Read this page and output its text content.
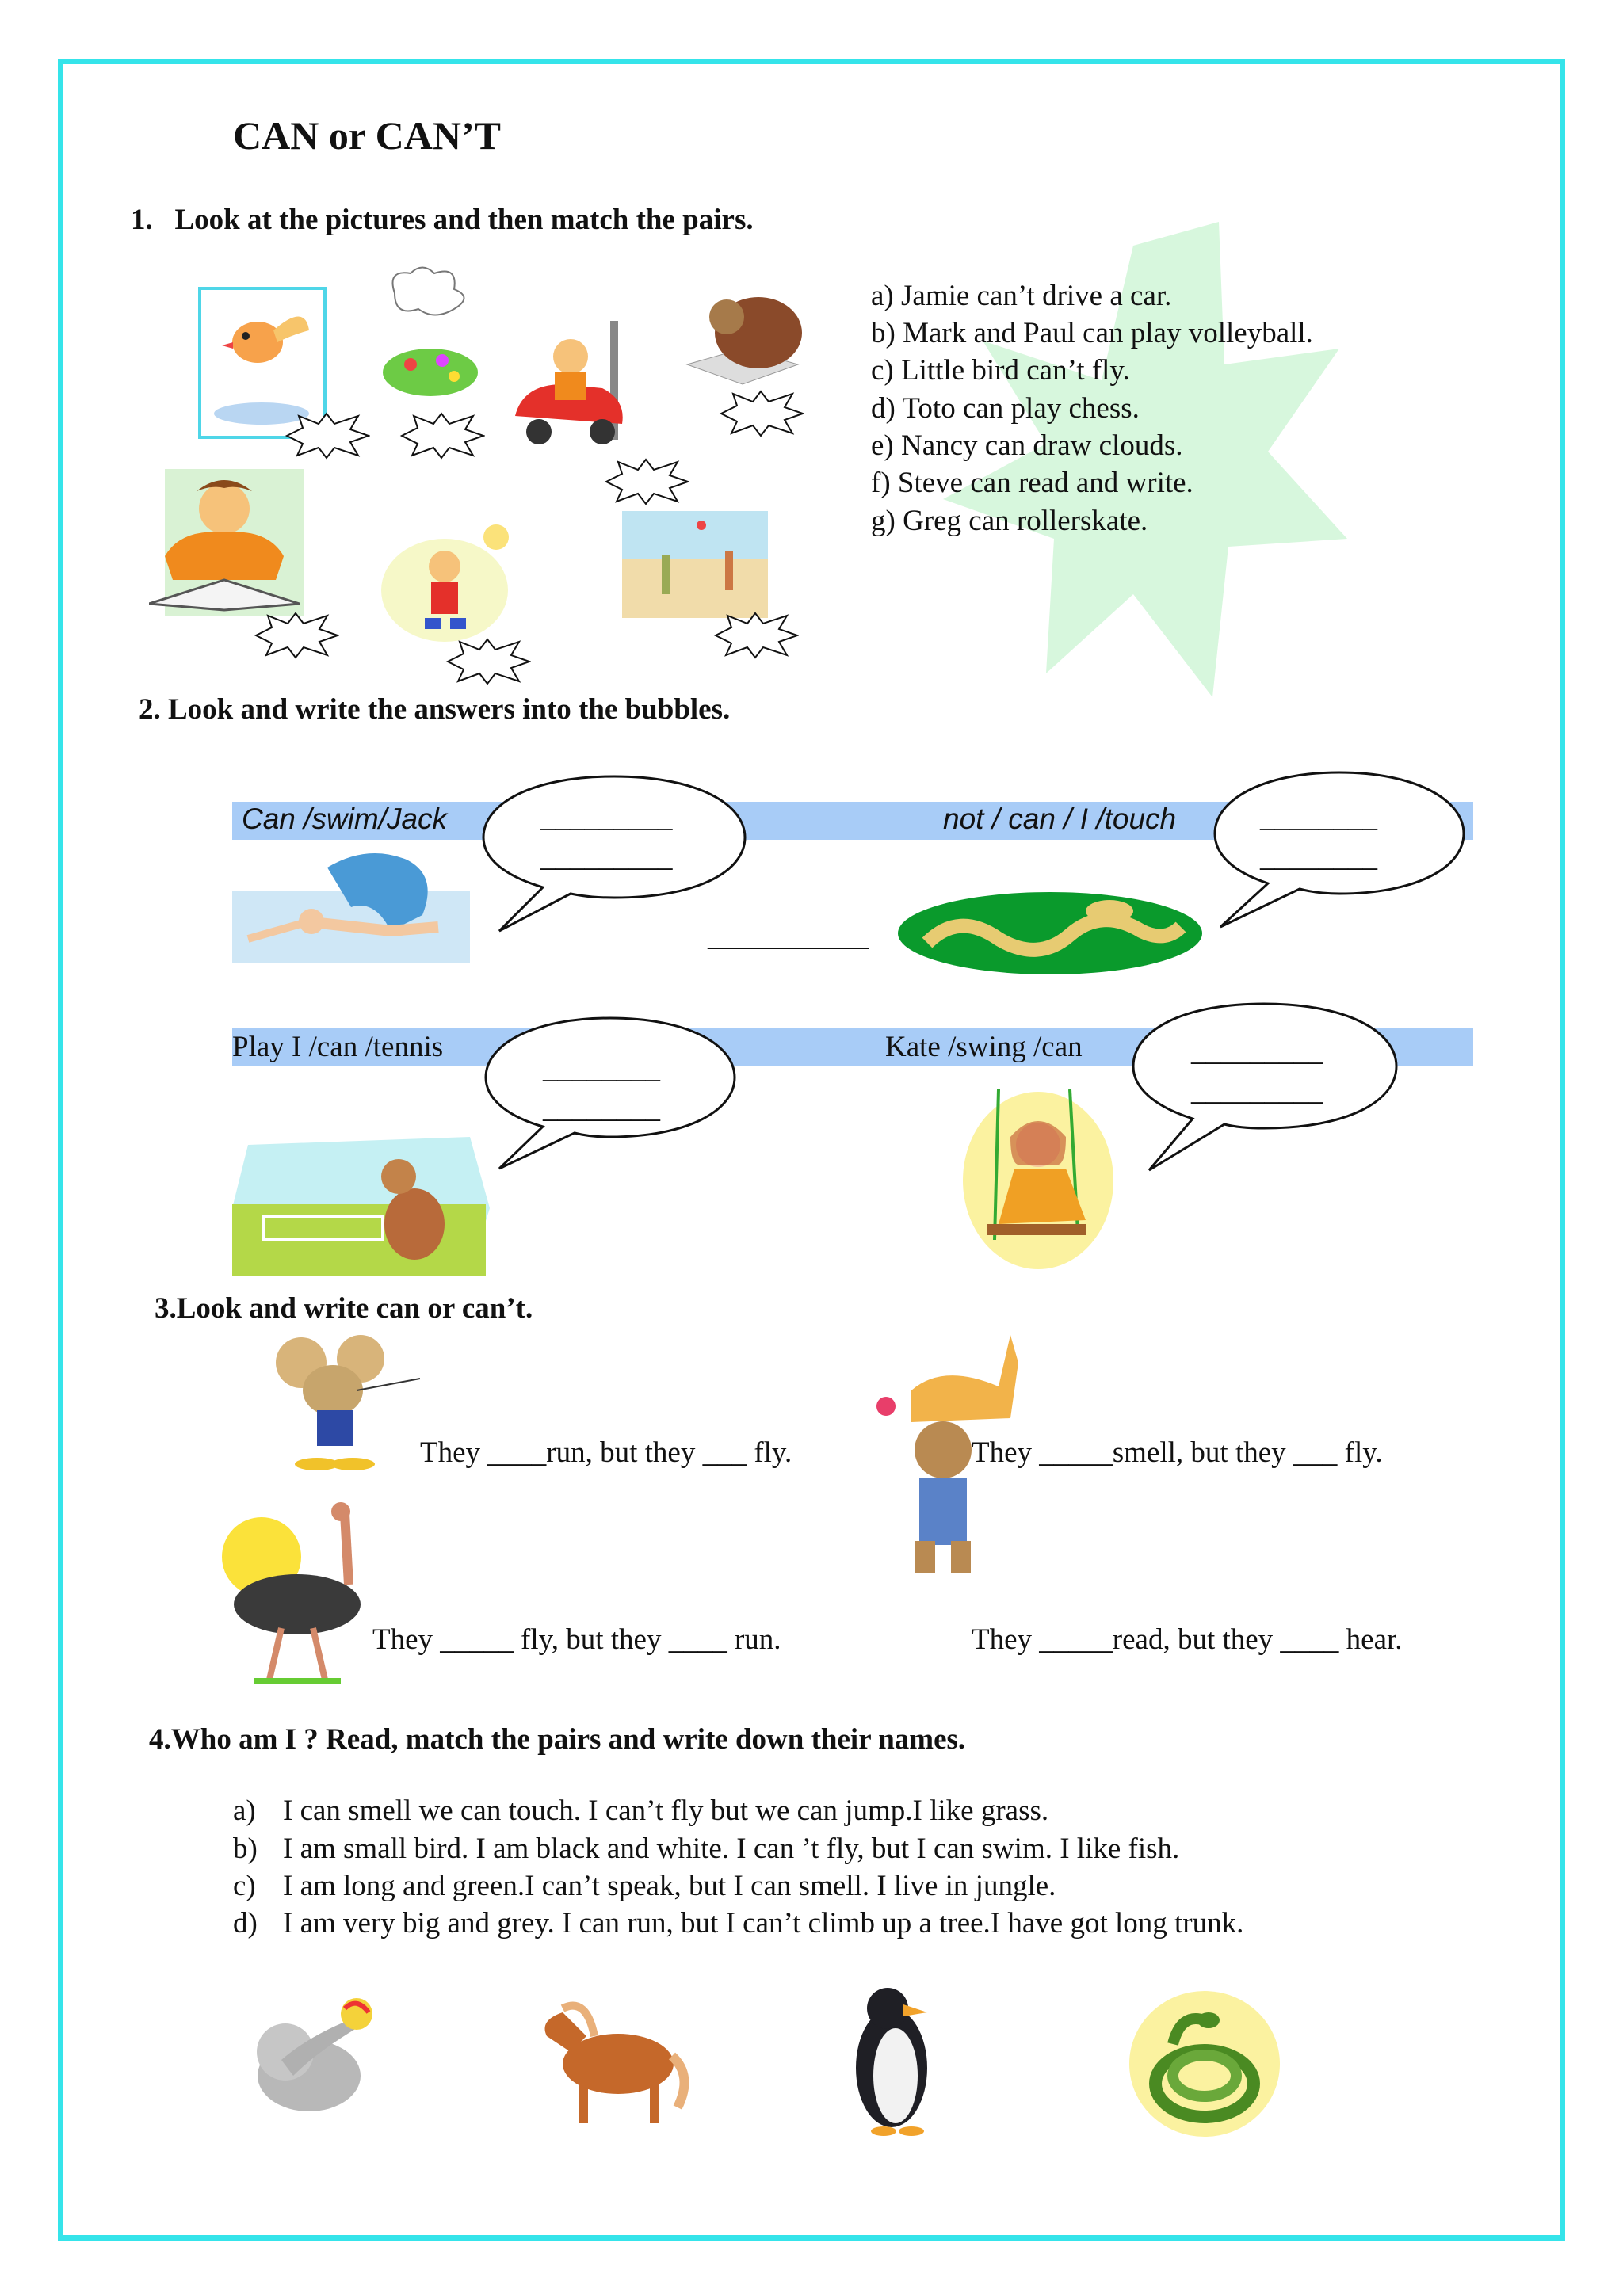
CAN or CAN’T
1. Look at the pictures and then match the pairs.
a) Jamie can’t drive a car.
b) Mark and Paul can play volleyball.
c) Little bird can’t fly.
d) Toto can play chess.
e) Nancy can draw clouds.
f) Steve can read and write.
g) Greg can rollerskate.
2. Look and write the answers into the bubbles.
Can /swim/Jack	not / can / I /touch
Play I /can /tennis	Kate /swing /can
_________
_________
________
________
________
________
_________
_________
___________
3.Look and write can or can’t.
They ____run, but they ___ fly.	They _____smell, but they ___ fly.
They _____ fly, but they ____ run.	They _____read, but they ____ hear.
4.Who am I ? Read, match the pairs and write down their names.
a) I can smell we can touch. I can’t fly but we can jump.I like grass.
b) I am small bird. I am black and white. I can ’t fly, but I can swim. I like fish.
c) I am long and green.I can’t speak, but I can smell. I live in jungle.
d) I am very big and grey. I can run, but I can’t climb up a tree.I have got long trunk.
